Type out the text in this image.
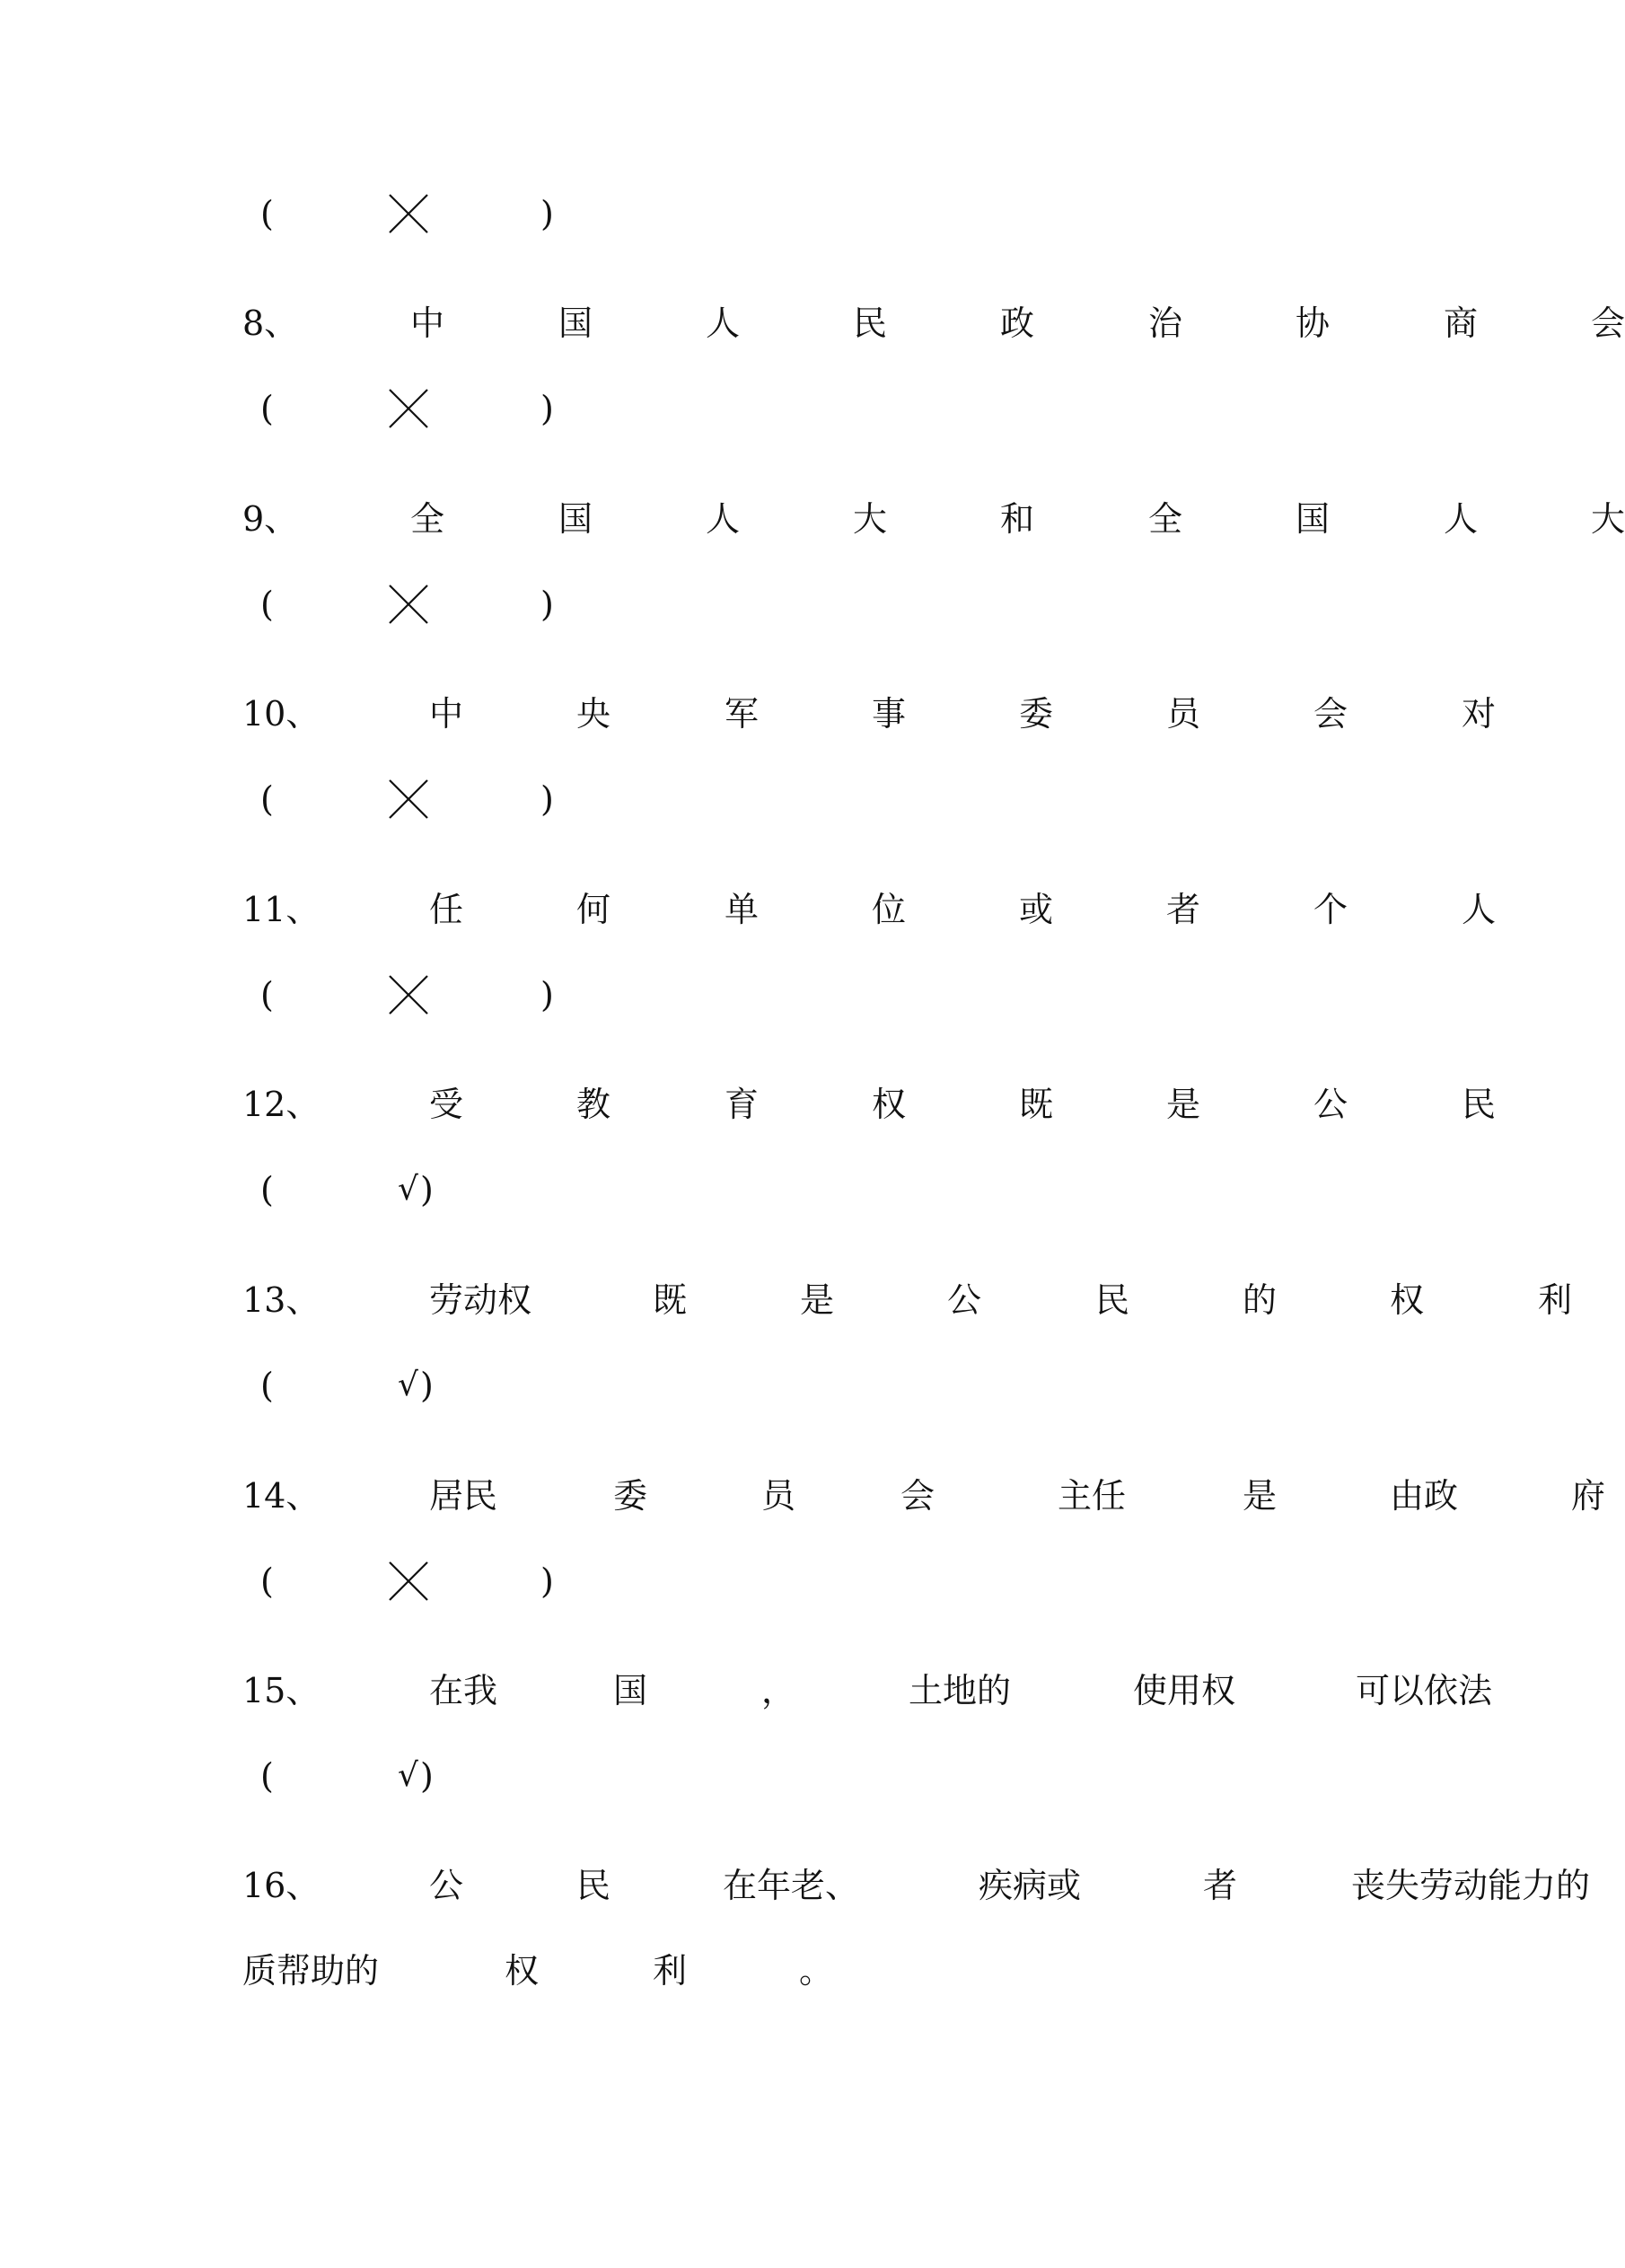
(	)
8、	中	国	人	民	政	治	协	商	会
(	)
9、	全	国	人	大	和	全	国	人	大
(	)
10、	中	央	军	事	委	员	会	对
(	)
11、	任	何	单	位	或	者	个	人
(	)
12、	受	教	育	权	既	是	公	民
(	√ )
13、	劳动权	既	是	公	民	的	权	利
(	√ )
14、	居民	委	员	会	主任	是	由政	府
(	)
15、	在我	国	，	土地的	使用权	可以依法
(	√ )
16、	公	民	在年老、	疾病或	者	丧失劳动能力的
质帮助的	权	利	。
